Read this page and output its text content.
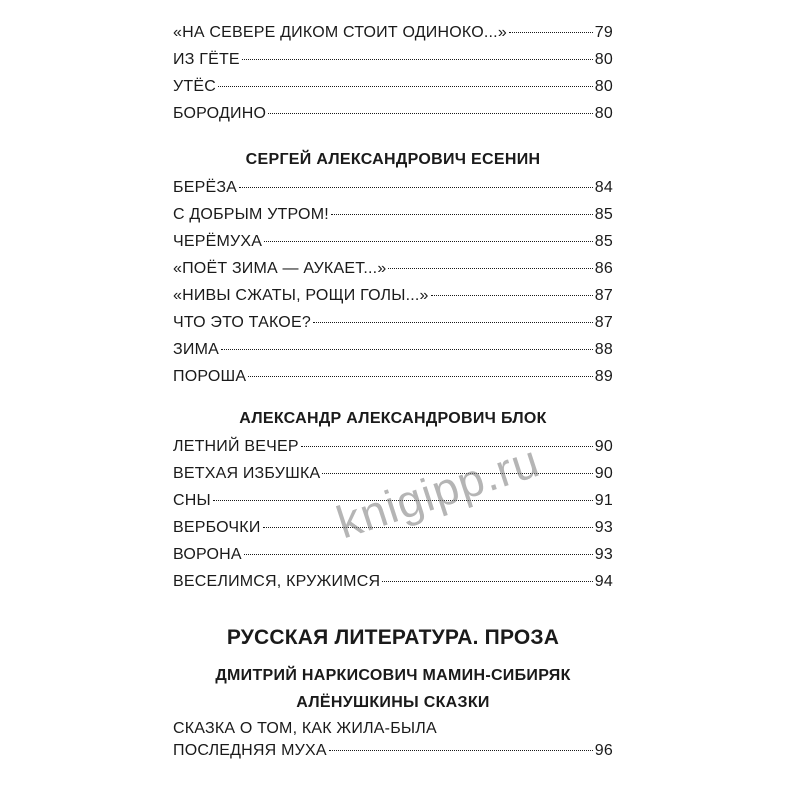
«НА СЕВЕРЕ ДИКОМ СТОИТ ОДИНОКО...»	79
ИЗ ГЁТЕ	80
УТЁС	80
БОРОДИНО	80
СЕРГЕЙ АЛЕКСАНДРОВИЧ ЕСЕНИН
БЕРЁЗА	84
С ДОБРЫМ УТРОМ!	85
ЧЕРЁМУХА	85
«ПОЁТ ЗИМА — АУКАЕТ...»	86
«НИВЫ СЖАТЫ, РОЩИ ГОЛЫ...»	87
ЧТО ЭТО ТАКОЕ?	87
ЗИМА	88
ПОРОША	89
АЛЕКСАНДР АЛЕКСАНДРОВИЧ БЛОК
ЛЕТНИЙ ВЕЧЕР	90
ВЕТХАЯ ИЗБУШКА	90
СНЫ	91
ВЕРБОЧКИ	93
ВОРОНА	93
ВЕСЕЛИМСЯ, КРУЖИМСЯ	94
РУССКАЯ ЛИТЕРАТУРА. ПРОЗА
ДМИТРИЙ НАРКИСОВИЧ МАМИН-СИБИРЯК
АЛЁНУШКИНЫ СКАЗКИ
СКАЗКА О ТОМ, КАК ЖИЛА-БЫЛА
ПОСЛЕДНЯЯ МУХА	96
knigipp.ru
